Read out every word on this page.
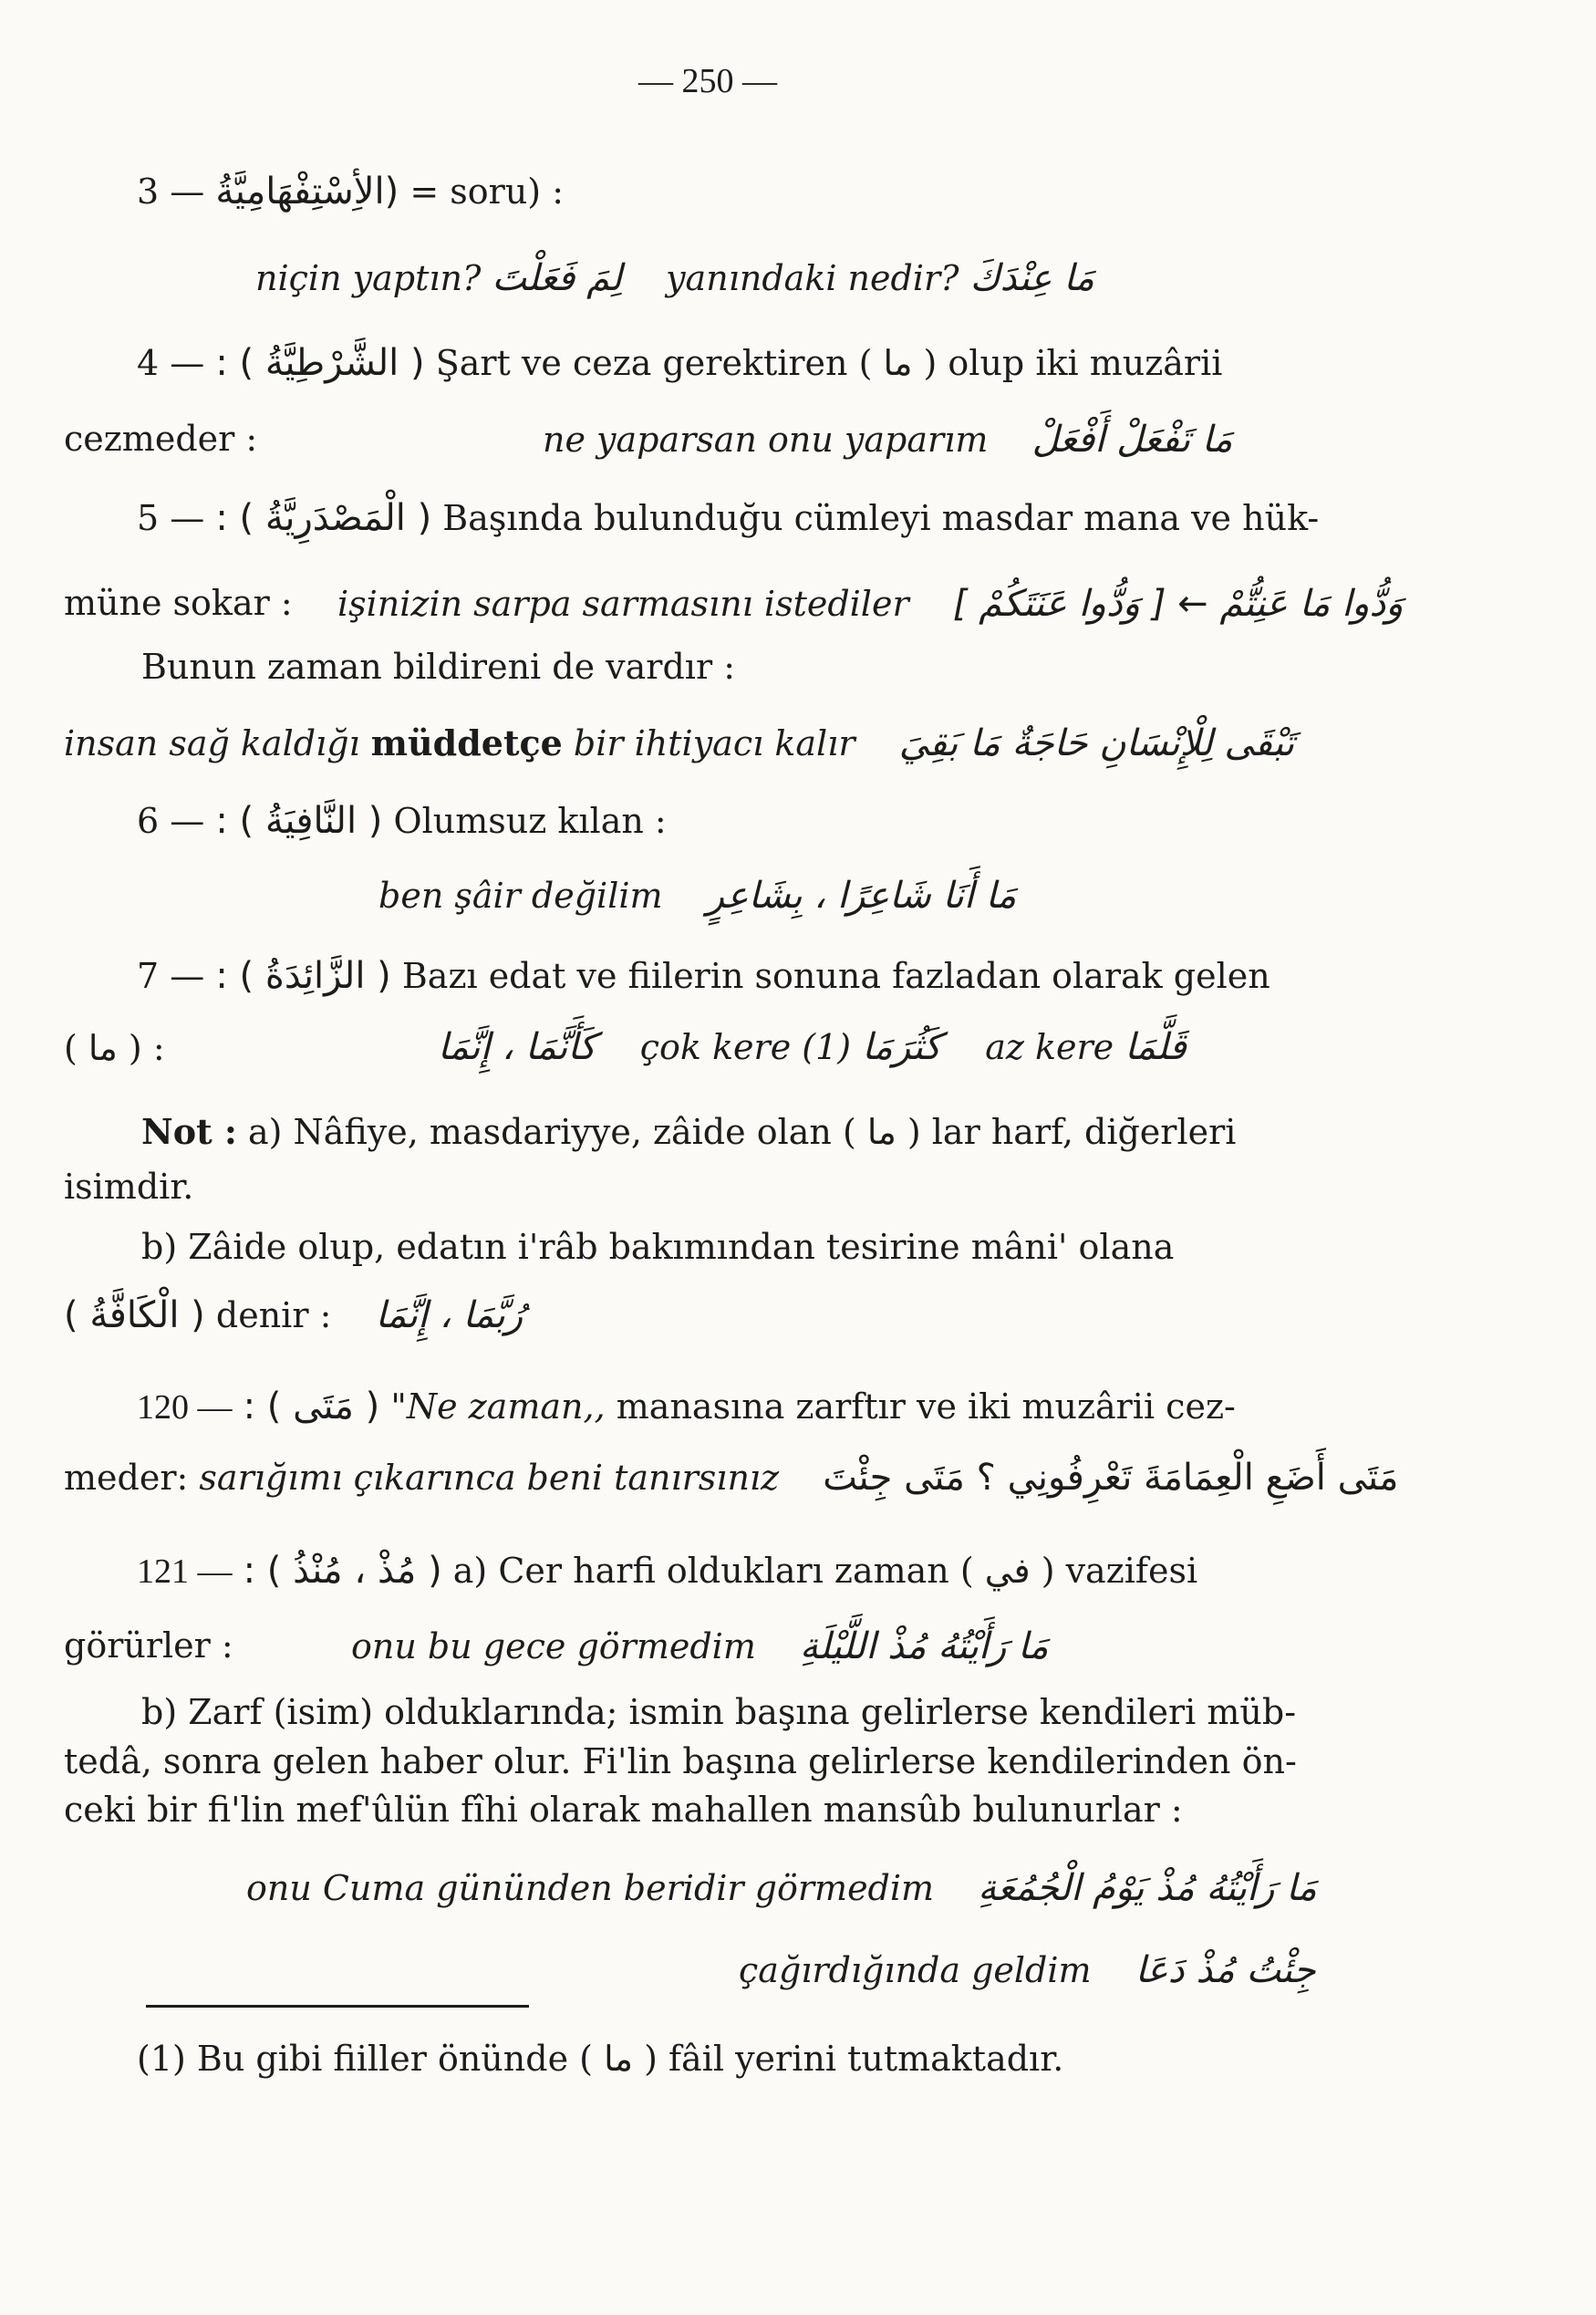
— 250 —
3 — (الأِسْتِفْهَامِيَّةُ = soru) :
niçin yaptın? لِمَ فَعَلْتَ yanındaki nedir? مَا عِنْدَكَ
4 — ( الشَّرْطِيَّةُ ) : Şart ve ceza gerektiren ( ما ) olup iki muzârii
cezmeder :	ne yaparsan onu yaparım مَا تَفْعَلْ أَفْعَلْ
5 — ( الْمَصْدَرِيَّةُ ) : Başında bulunduğu cümleyi masdar mana ve hük-
müne sokar : işinizin sarpa sarmasını istediler وَدُّوا مَا عَنِتُّمْ ← [ وَدُّوا عَنَتَكُمْ ]
Bunun zaman bildireni de vardır :
insan sağ kaldığı müddetçe bir ihtiyacı kalır تَبْقَى لِلْإِنْسَانِ حَاجَةٌ مَا بَقِيَ
6 — ( النَّافِيَةُ ) : Olumsuz kılan :
ben şâir değilim مَا أَنَا شَاعِرًا ، بِشَاعِرٍ
7 — ( الزَّائِدَةُ ) : Bazı edat ve fiilerin sonuna fazladan olarak gelen
( ما ) :	كَأَنَّمَا ، إِنَّمَا çok kere (1) كَثُرَمَا az kere قَلَّمَا
Not : a) Nâfiye, masdariyye, zâide olan ( ما ) lar harf, diğerleri
isimdir.
b) Zâide olup, edatın i'râb bakımından tesirine mâni' olana
( الْكَافَّةُ ) denir : رُبَّمَا ، إِنَّمَا
120 — ( مَتَى ) : "Ne zaman,, manasına zarftır ve iki muzârii cez-
meder: sarığımı çıkarınca beni tanırsınız مَتَى أَضَعِ الْعِمَامَةَ تَعْرِفُونِي ؟ مَتَى جِئْتَ
121 — ( مُذْ ، مُنْذُ ) : a) Cer harfi oldukları zaman ( في ) vazifesi
görürler :	onu bu gece görmedim مَا رَأَيْتُهُ مُذْ اللَّيْلَةِ
b) Zarf (isim) olduklarında; ismin başına gelirlerse kendileri müb-
tedâ, sonra gelen haber olur. Fi'lin başına gelirlerse kendilerinden ön-
ceki bir fi'lin mef'ûlün fîhi olarak mahallen mansûb bulunurlar :
onu Cuma gününden beridir görmedim مَا رَأَيْتُهُ مُذْ يَوْمُ الْجُمُعَةِ
çağırdığında geldim جِئْتُ مُذْ دَعَا
(1) Bu gibi fiiller önünde ( ما ) fâil yerini tutmaktadır.
